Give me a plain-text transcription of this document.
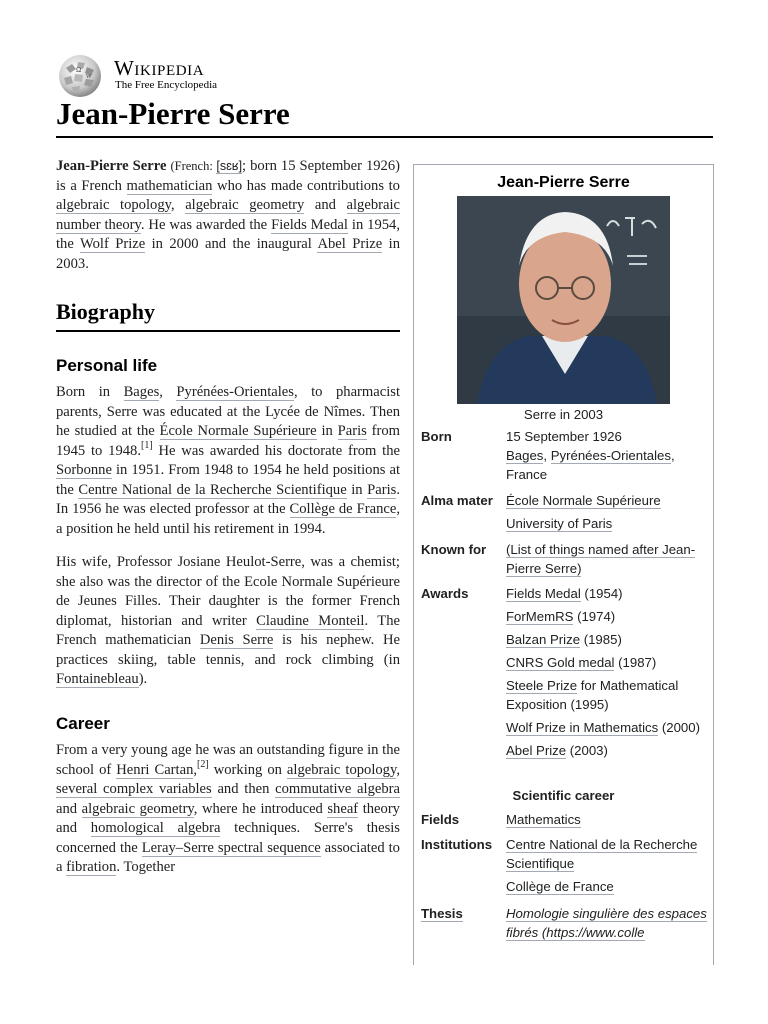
Ω
W Wikipedia
The Free Encyclopedia
Jean-Pierre Serre

Jean-Pierre Serre (French: [sɛʁ]; born 15 September 1926) is a French mathematician who has made contributions to algebraic topology, algebraic geometry and algebraic number theory. He was awarded the Fields Medal in 1954, the Wolf Prize in 2000 and the inaugural Abel Prize in 2003.

Biography
Personal life

Born in Bages, Pyrénées-Orientales, to pharmacist parents, Serre was educated at the Lycée de Nîmes. Then he studied at the École Normale Supérieure in Paris from 1945 to 1948.[1] He was awarded his doctorate from the Sorbonne in 1951. From 1948 to 1954 he held positions at the Centre National de la Recherche Scientifique in Paris. In 1956 he was elected professor at the Collège de France, a position he held until his retirement in 1994.

His wife, Professor Josiane Heulot-Serre, was a chemist; she also was the director of the Ecole Normale Supérieure de Jeunes Filles. Their daughter is the former French diplomat, historian and writer Claudine Monteil. The French mathematician Denis Serre is his nephew. He practices skiing, table tennis, and rock climbing (in Fontainebleau).

Career

From a very young age he was an outstanding figure in the school of Henri Cartan,[2] working on algebraic topology, several complex variables and then commutative algebra and algebraic geometry, where he introduced sheaf theory and homological algebra techniques. Serre's thesis concerned the Leray–Serre spectral sequence associated to a fibration. Together

Jean-Pierre Serre
Serre in 2003
Born	15 September 1926
Bages, Pyrénées-Orientales,
France
Alma mater École Normale Supérieure
University of Paris
Known for	(List of things named after Jean-Pierre Serre)
Awards	Fields Medal (1954)
ForMemRS (1974)
Balzan Prize (1985)
CNRS Gold medal (1987)
Steele Prize for Mathematical Exposition (1995)
Wolf Prize in Mathematics (2000)
Abel Prize (2003)
Scientific career
Fields	Mathematics
Institutions	Centre National de la Recherche Scientifique
Collège de France
Thesis	Homologie singulière des espaces fibrés (https://www.colle
